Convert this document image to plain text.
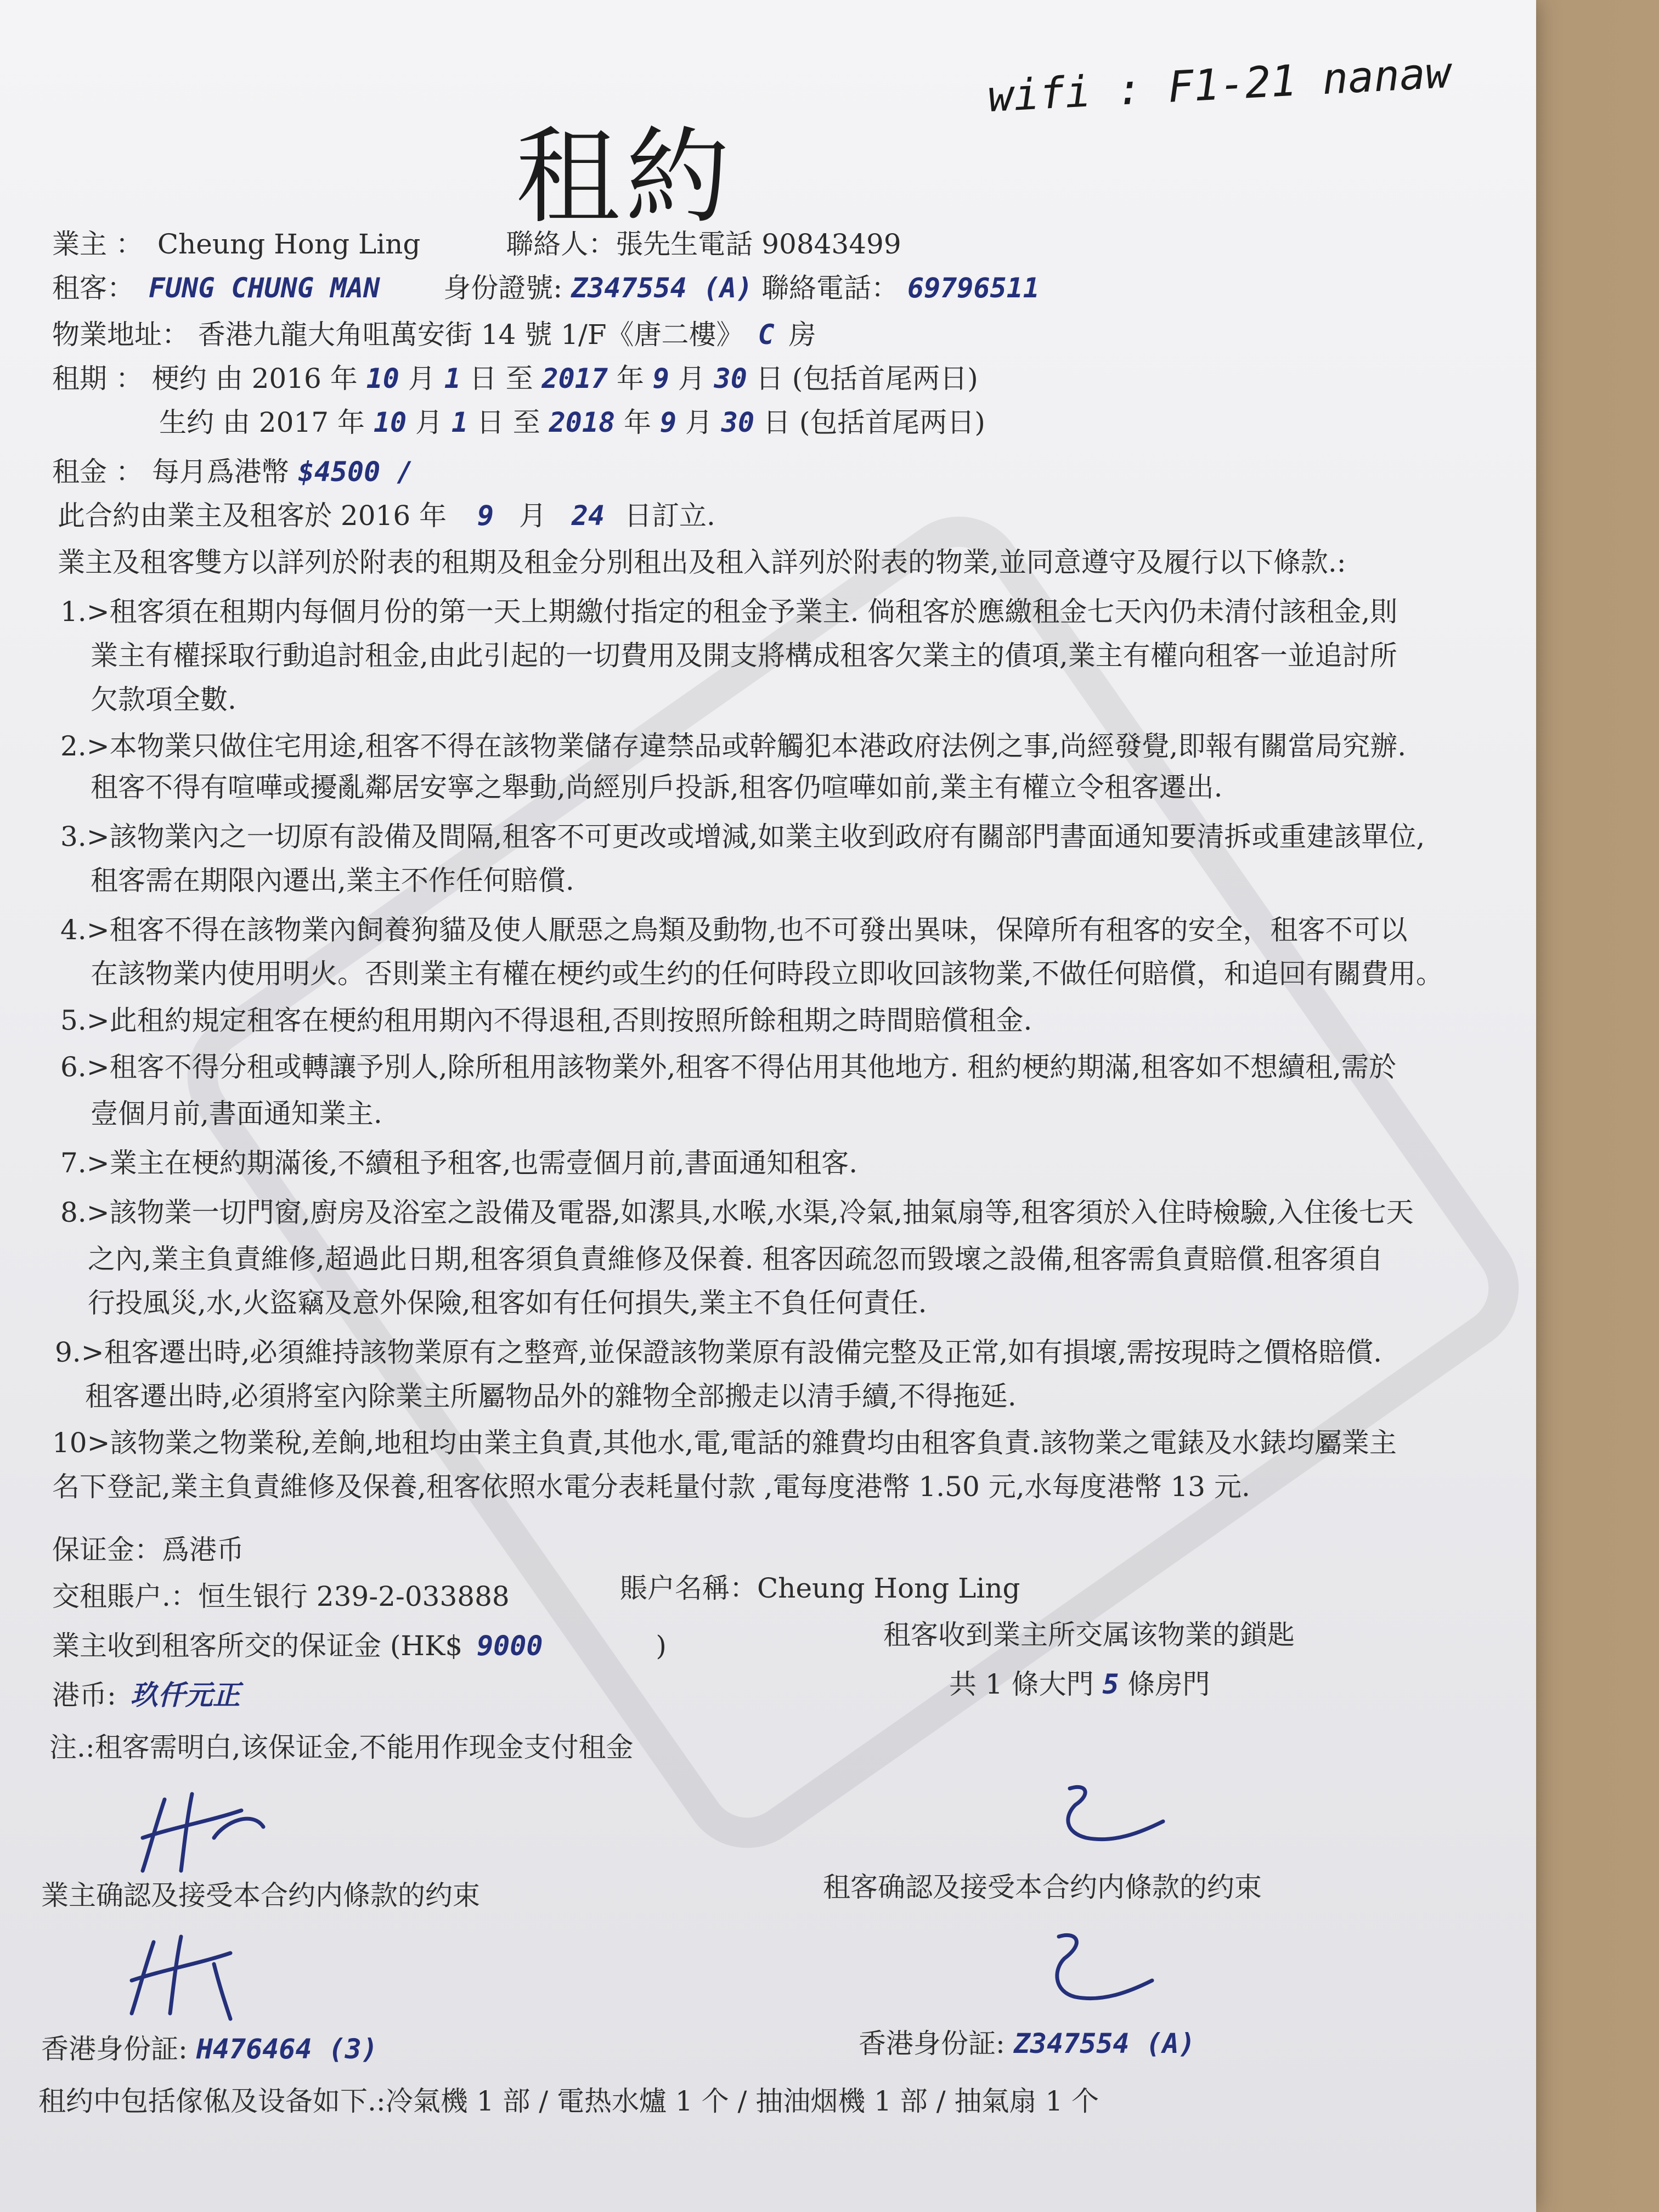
租約
wifi : F1-21 nanaw
業主 ： Cheung Hong Ling	聯絡人：張先生電話 90843499
租客： FUNG CHUNG MAN 身份證號: Z347554 (A) 聯絡電話： 69796511
物業地址： 香港九龍大角咀萬安街 14 號 1/F《唐二樓》 C 房
租期 ： 梗约 由 2016 年 10 月 1 日 至 2017 年 9 月 30 日 (包括首尾两日)
生约 由 2017 年 10 月 1 日 至 2018 年 9 月 30 日 (包括首尾两日)
租金 ： 每月爲港幣 $4500 /
此合約由業主及租客於 2016 年 9 月 24 日訂立.
業主及租客雙方以詳列於附表的租期及租金分別租出及租入詳列於附表的物業,並同意遵守及履行以下條款.:
1.>租客須在租期内每個月份的第一天上期繳付指定的租金予業主. 倘租客於應繳租金七天內仍未清付該租金,則
業主有權採取行動追討租金,由此引起的一切費用及開支將構成租客欠業主的債項,業主有權向租客一並追討所
欠款項全數.
2.>本物業只做住宅用途,租客不得在該物業儲存違禁品或幹觸犯本港政府法例之事,尚經發覺,即報有關當局究辦.
租客不得有喧嘩或擾亂鄰居安寧之舉動,尚經別戶投訴,租客仍喧嘩如前,業主有權立令租客遷出.
3.>該物業內之一切原有設備及間隔,租客不可更改或增減,如業主收到政府有關部門書面通知要清拆或重建該單位,
租客需在期限內遷出,業主不作任何賠償.
4.>租客不得在該物業內飼養狗貓及使人厭惡之鳥類及動物,也不可發出異味，保障所有租客的安全，租客不可以
在該物業内使用明火。否則業主有權在梗约或生约的任何時段立即收回該物業,不做任何賠償，和追回有關費用。
5.>此租約規定租客在梗約租用期內不得退租,否則按照所餘租期之時間賠償租金.
6.>租客不得分租或轉讓予別人,除所租用該物業外,租客不得佔用其他地方. 租約梗約期滿,租客如不想續租,需於
壹個月前,書面通知業主.
7.>業主在梗約期滿後,不續租予租客,也需壹個月前,書面通知租客.
8.>該物業一切門窗,廚房及浴室之設備及電器,如潔具,水喉,水渠,冷氣,抽氣扇等,租客須於入住時檢驗,入住後七天
之內,業主負責維修,超過此日期,租客須負責維修及保養. 租客因疏忽而毀壞之設備,租客需負責賠償.租客須自
行投風災,水,火盜竊及意外保險,租客如有任何損失,業主不負任何責任.
9.>租客遷出時,必須維持該物業原有之整齊,並保證該物業原有設備完整及正常,如有損壞,需按現時之價格賠償.
租客遷出時,必須將室內除業主所屬物品外的雜物全部搬走以清手續,不得拖延.
10>該物業之物業稅,差餉,地租均由業主負責,其他水,電,電話的雜費均由租客負責.該物業之電錶及水錶均屬業主
名下登記,業主負責維修及保養,租客依照水電分表耗量付款 ,電每度港幣 1.50 元,水每度港幣 13 元.
保证金：爲港币
交租賬户.：恒生银行 239-2-033888	賬户名稱：Cheung Hong Ling
業主收到租客所交的保证金 (HK$ 9000	)	租客收到業主所交属该物業的鎖匙
港币: 玖仟元正	共 1 條大門 5 條房門
注.:租客需明白,该保证金,不能用作现金支付租金
業主确認及接受本合约内條款的约束	租客确認及接受本合约内條款的约束
香港身份証: H476464 (3)	香港身份証: Z347554 (A)
租约中包括傢俬及设备如下.:冷氣機 1 部 / 電热水爐 1 个 / 抽油烟機 1 部 / 抽氣扇 1 个
